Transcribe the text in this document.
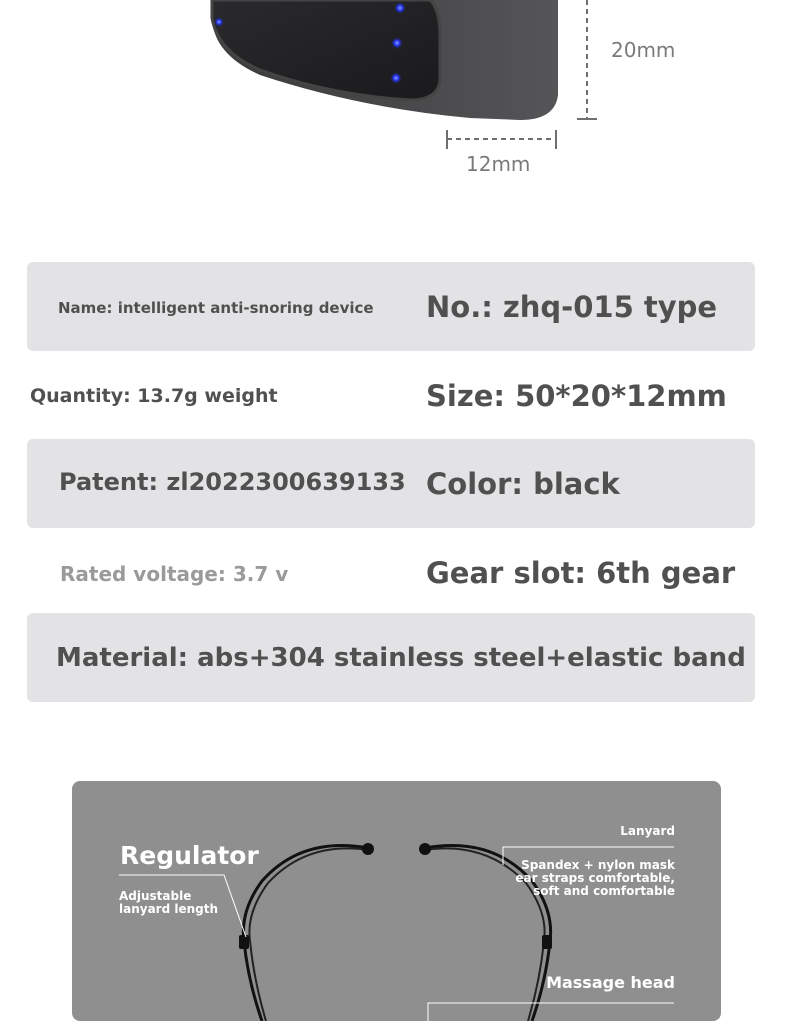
20mm
12mm
Name: intelligent anti-snoring device No.: zhq-015 type
Quantity: 13.7g weight	Size: 50*20*12mm
Patent: zl2022300639133 Color: black
Rated voltage: 3.7 v	Gear slot: 6th gear
Material: abs+304 stainless steel+elastic band
Regulator
Adjustable
lanyard length
Lanyard
Spandex + nylon mask
ear straps comfortable,
soft and comfortable
Massage head
